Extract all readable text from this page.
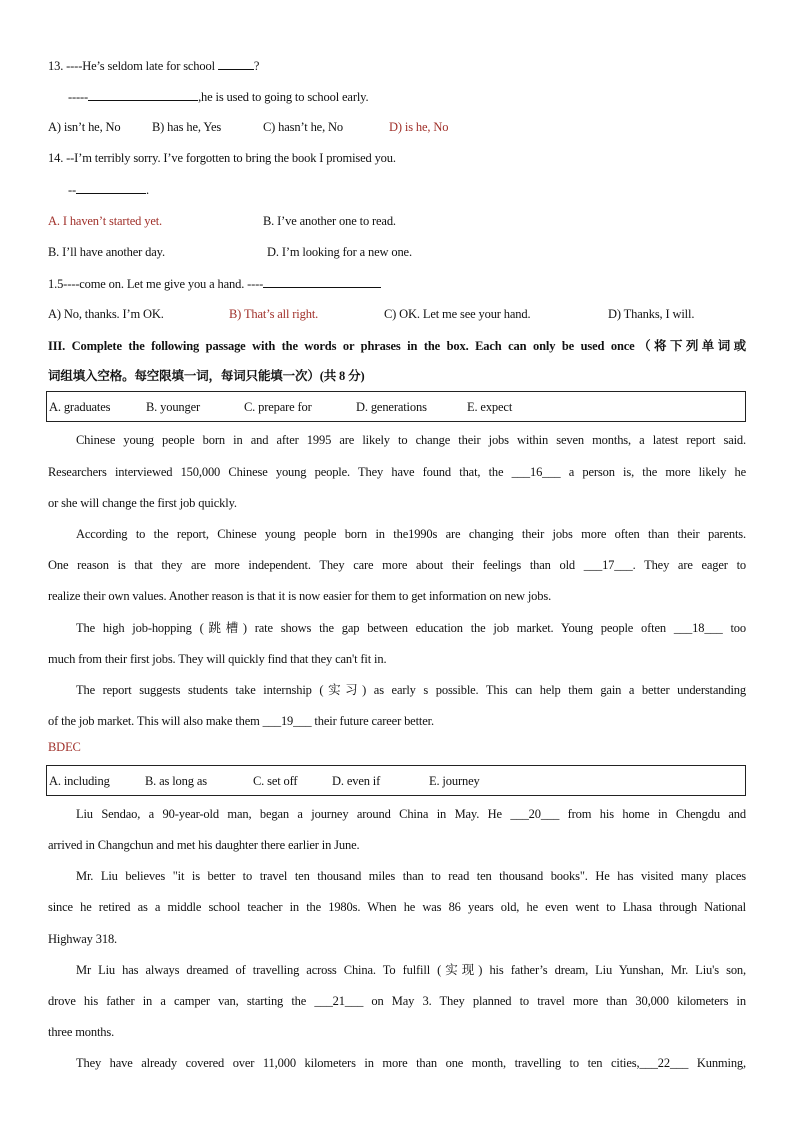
13. ----He’s seldom late for school	?
-----	,he is used to going to school early.
A) isn’t he, No	B) has he, Yes	C) hasn’t he, No	D) is he, No
14. --I’m terribly sorry. I’ve forgotten to bring the book I promised you.
--	.
A. I haven’t started yet.	B. I’ve another one to read.
B. I’ll have another day.	D. I’m looking for a new one.
1.5----come on. Let me give you a hand. ----
A) No, thanks. I’m OK.	B) That’s all right.	C) OK. Let me see your hand.	D) Thanks, I will.
III. Complete the following passage with the words or phrases in the box. Each can only be used once（将下列单词或
词组填入空格。每空限填一词，每词只能填一次）(共 8 分)
A. graduates	B. younger	C. prepare for	D. generations	E. expect
Chinese young people born in and after 1995 are likely to change their jobs within seven months, a latest report said.
Researchers interviewed 150,000 Chinese young people. They have found that, the ___16___ a person is, the more likely he
or she will change the first job quickly.
According to the report, Chinese young people born in the1990s are changing their jobs more often than their parents.
One reason is that they are more independent. They care more about their feelings than old ___17___. They are eager to
realize their own values. Another reason is that it is now easier for them to get information on new jobs.
The high job-hopping (跳槽) rate shows the gap between education the job market. Young people often ___18___ too
much from their first jobs. They will quickly find that they can't fit in.
The report suggests students take internship (实习) as early s possible. This can help them gain a better understanding
of the job market. This will also make them ___19___ their future career better.
BDEC
A. including	B. as long as	C. set off	D. even if	E. journey
Liu Sendao, a 90-year-old man, began a journey around China in May. He ___20___ from his home in Chengdu and
arrived in Changchun and met his daughter there earlier in June.
Mr. Liu believes "it is better to travel ten thousand miles than to read ten thousand books". He has visited many places
since he retired as a middle school teacher in the 1980s. When he was 86 years old, he even went to Lhasa through National
Highway 318.
Mr Liu has always dreamed of travelling across China. To fulfill (实现) his father’s dream, Liu Yunshan, Mr. Liu's son,
drove his father in a camper van, starting the ___21___ on May 3. They planned to travel more than 30,000 kilometers in
three months.
They have already covered over 11,000 kilometers in more than one month, travelling to ten cities,___22___ Kunming,
